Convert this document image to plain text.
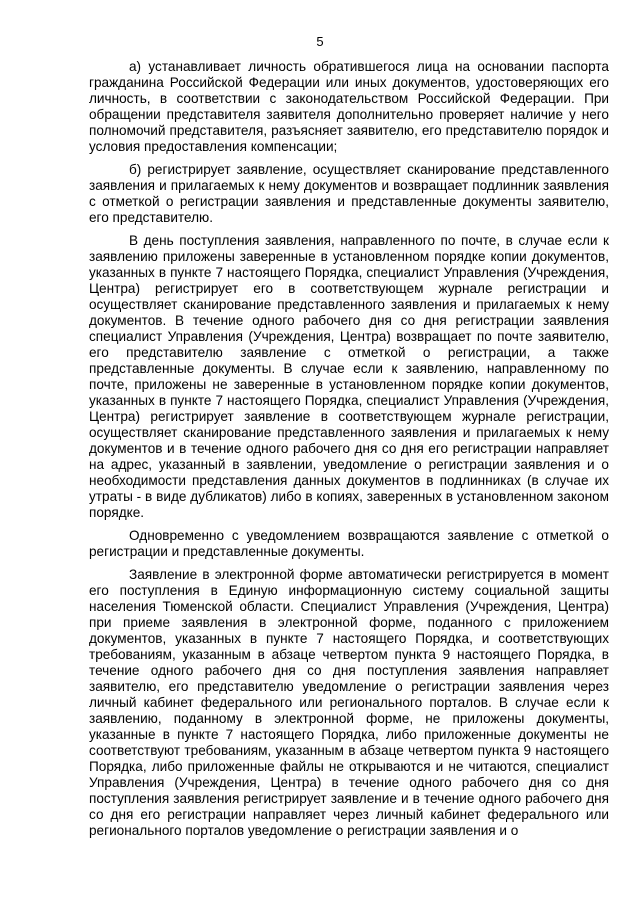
5

а) устанавливает личность обратившегося лица на основании паспорта гражданина Российской Федерации или иных документов, удостоверяющих его личность, в соответствии с законодательством Российской Федерации. При обращении представителя заявителя дополнительно проверяет наличие у него полномочий представителя, разъясняет заявителю, его представителю порядок и условия предоставления компенсации;

б) регистрирует заявление, осуществляет сканирование представленного заявления и прилагаемых к нему документов и возвращает подлинник заявления с отметкой о регистрации заявления и представленные документы заявителю, его представителю.

В день поступления заявления, направленного по почте, в случае если к заявлению приложены заверенные в установленном порядке копии документов, указанных в пункте 7 настоящего Порядка, специалист Управления (Учреждения, Центра) регистрирует его в соответствующем журнале регистрации и осуществляет сканирование представленного заявления и прилагаемых к нему документов. В течение одного рабочего дня со дня регистрации заявления специалист Управления (Учреждения, Центра) возвращает по почте заявителю, его представителю заявление с отметкой о регистрации, а также представленные документы. В случае если к заявлению, направленному по почте, приложены не заверенные в установленном порядке копии документов, указанных в пункте 7 настоящего Порядка, специалист Управления (Учреждения, Центра) регистрирует заявление в соответствующем журнале регистрации, осуществляет сканирование представленного заявления и прилагаемых к нему документов и в течение одного рабочего дня со дня его регистрации направляет на адрес, указанный в заявлении, уведомление о регистрации заявления и о необходимости представления данных документов в подлинниках (в случае их утраты - в виде дубликатов) либо в копиях, заверенных в установленном законом порядке.

Одновременно с уведомлением возвращаются заявление с отметкой о регистрации и представленные документы.

Заявление в электронной форме автоматически регистрируется в момент его поступления в Единую информационную систему социальной защиты населения Тюменской области. Специалист Управления (Учреждения, Центра) при приеме заявления в электронной форме, поданного с приложением документов, указанных в пункте 7 настоящего Порядка, и соответствующих требованиям, указанным в абзаце четвертом пункта 9 настоящего Порядка, в течение одного рабочего дня со дня поступления заявления направляет заявителю, его представителю уведомление о регистрации заявления через личный кабинет федерального или регионального порталов. В случае если к заявлению, поданному в электронной форме, не приложены документы, указанные в пункте 7 настоящего Порядка, либо приложенные документы не соответствуют требованиям, указанным в абзаце четвертом пункта 9 настоящего Порядка, либо приложенные файлы не открываются и не читаются, специалист Управления (Учреждения, Центра) в течение одного рабочего дня со дня поступления заявления регистрирует заявление и в течение одного рабочего дня со дня его регистрации направляет через личный кабинет федерального или регионального порталов уведомление о регистрации заявления и о
